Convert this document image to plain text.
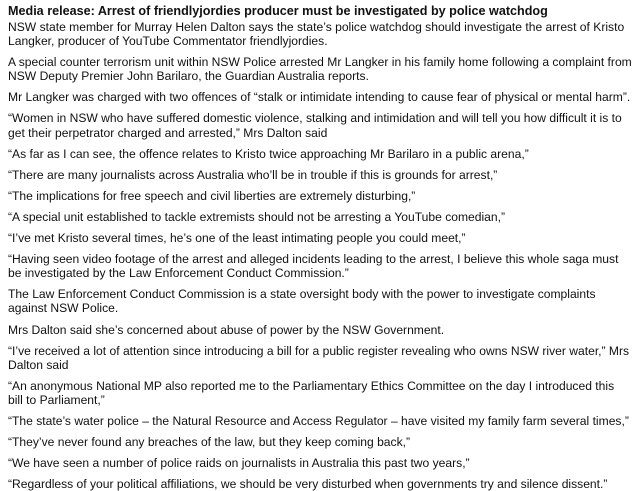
Media release: Arrest of friendlyjordies producer must be investigated by police watchdog

NSW state member for Murray Helen Dalton says the state’s police watchdog should investigate the arrest of Kristo Langker, producer of YouTube Commentator friendlyjordies.

A special counter terrorism unit within NSW Police arrested Mr Langker in his family home following a complaint from NSW Deputy Premier John Barilaro, the Guardian Australia reports.

Mr Langker was charged with two offences of “stalk or intimidate intending to cause fear of physical or mental harm”.

“Women in NSW who have suffered domestic violence, stalking and intimidation and will tell you how difficult it is to get their perpetrator charged and arrested,” Mrs Dalton said

“As far as I can see, the offence relates to Kristo twice approaching Mr Barilaro in a public arena,”

“There are many journalists across Australia who’ll be in trouble if this is grounds for arrest,”

“The implications for free speech and civil liberties are extremely disturbing,”

“A special unit established to tackle extremists should not be arresting a YouTube comedian,”

“I’ve met Kristo several times, he’s one of the least intimating people you could meet,”

“Having seen video footage of the arrest and alleged incidents leading to the arrest, I believe this whole saga must be investigated by the Law Enforcement Conduct Commission.”

The Law Enforcement Conduct Commission is a state oversight body with the power to investigate complaints against NSW Police.

Mrs Dalton said she’s concerned about abuse of power by the NSW Government.

“I’ve received a lot of attention since introducing a bill for a public register revealing who owns NSW river water,” Mrs Dalton said

“An anonymous National MP also reported me to the Parliamentary Ethics Committee on the day I introduced this bill to Parliament,”

“The state’s water police – the Natural Resource and Access Regulator – have visited my family farm several times,”

“They’ve never found any breaches of the law, but they keep coming back,”

“We have seen a number of police raids on journalists in Australia this past two years,”

“Regardless of your political affiliations, we should be very disturbed when governments try and silence dissent.”
